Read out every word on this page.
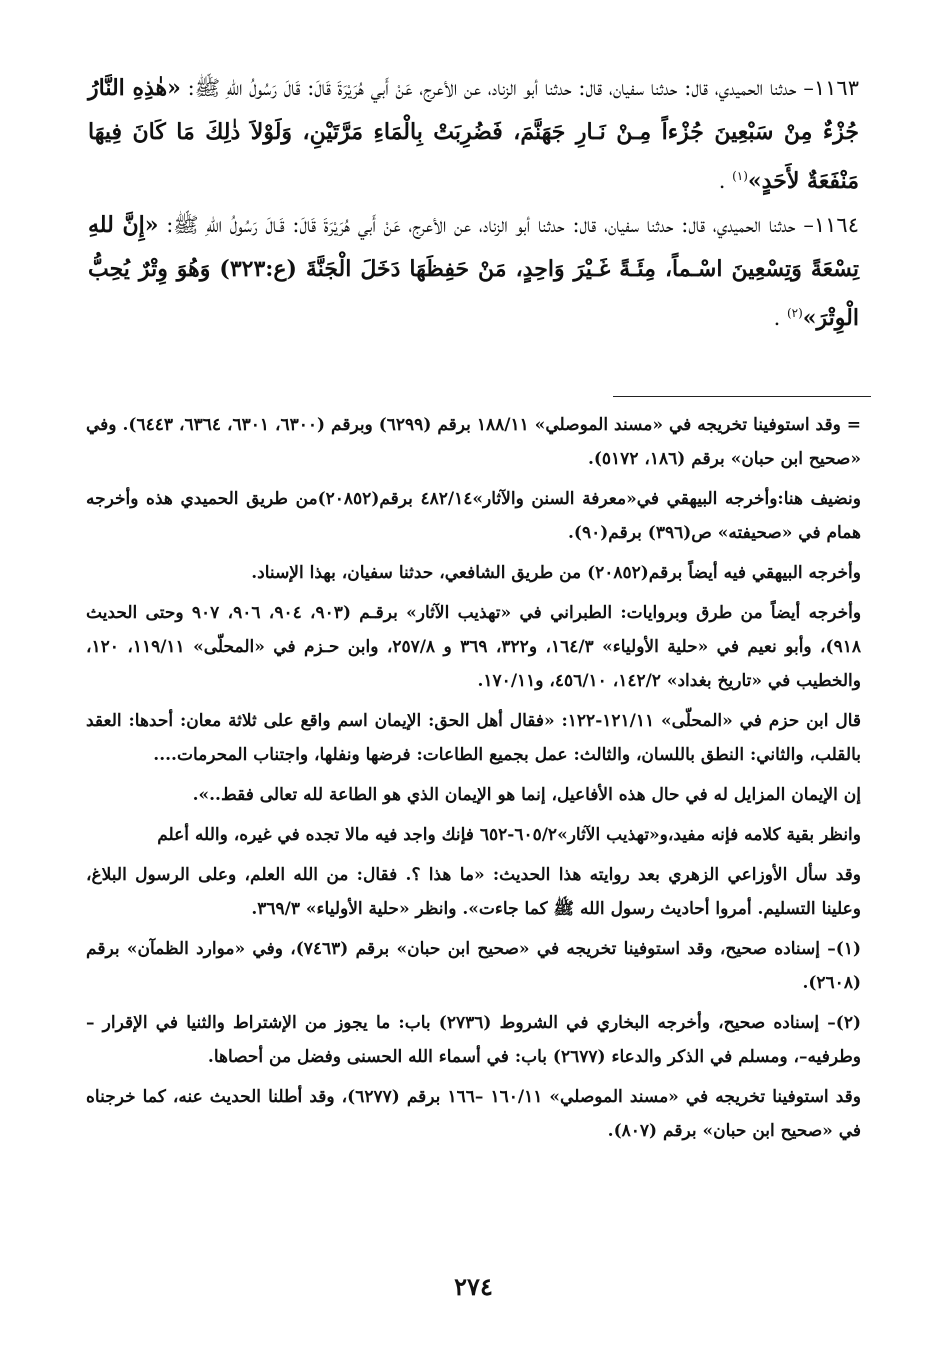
١١٦٣– حدثنا الحميدي، قال: حدثنا سفيان، قال: حدثنا أبو الزناد، عن الأعرج، عَنْ أَبي هُرَيْرَةَ قَالَ: قَالَ رَسُولُ اللهِ ﷺ: «هٰذِهِ النَّارُ جُزْءٌ مِنْ سَبْعِينَ جُزْءاً مِـنْ نَـارِ جَهَنَّمَ، فَضُرِبَتْ بِالْمَاءِ مَرَّتَيْنِ، وَلَوْلاَ ذٰلِكَ مَا كَانَ فِيهَا مَنْفَعَةٌ لأَحَدٍ»$^{(١)}$ .

١١٦٤– حدثنا الحميدي، قال: حدثنا سفيان، قال: حدثنا أبو الزناد، عن الأعرج، عَنْ أَبي هُرَيْرَةَ قَالَ: قَـالَ رَسُولُ اللهِ ﷺ: «إِنَّ للهِ تِسْعَةً وَتِسْعِينَ اسْـماً، مِئَـةً غَـيْرَ وَاحِدٍ، مَنْ حَفِظَهَا دَخَلَ الْجَنَّةَ (ع:٣٢٣) وَهُوَ وِتْرٌ يُحِبُّ الْوِتْرَ»$^{(٢)}$ .

= وقد استوفينا تخريجه في «مسند الموصلي» ١٨٨/١١ برقم (٦٢٩٩) وبرقم (٦٣٠٠، ٦٣٠١، ٦٣٦٤، ٦٤٤٣). وفي «صحيح ابن حبان» برقم (١٨٦، ٥١٧٢).

ونضيف هنا:وأخرجه البيهقي في«معرفة السنن والآثار»٤٨٢/١٤ برقم(٢٠٨٥٢)من طريق الحميدي هذه وأخرجه همام في «صحيفته» ص(٣٩٦) برقم(٩٠).

وأخرجه البيهقي فيه أيضاً برقم(٢٠٨٥٢) من طريق الشافعي، حدثنا سفيان، بهذا الإسناد.

وأخرجه أيضاً من طرق وبروايات: الطبراني في «تهذيب الآثار» برقـم (٩٠٣، ٩٠٤، ٩٠٦، ٩٠٧ وحتى الحديث ٩١٨)، وأبو نعيم في «حلية الأولياء» ١٦٤/٣، و٣٢٢، ٣٦٩ و ٢٥٧/٨، وابن حـزم في «المحلّى» ١١٩/١١، ١٢٠، والخطيب في «تاريخ بغداد» ١٤٢/٢، ٤٥٦/١٠، و١٧٠/١١.

قال ابن حزم في «المحلّى» ١٢١/١١-١٢٢: «فقال أهل الحق: الإيمان اسم واقع على ثلاثة معان: أحدها: العقد بالقلب، والثاني: النطق باللسان، والثالث: عمل بجميع الطاعات: فرضها ونفلها، واجتناب المحرمات....

إن الإيمان المزايل له في حال هذه الأفاعيل، إنما هو الإيمان الذي هو الطاعة لله تعالى فقط..».

وانظر بقية كلامه فإنه مفيد،و«تهذيب الآثار»٦٠٥/٢-٦٥٢ فإنك واجد فيه مالا تجده في غيره، والله أعلم

وقد سأل الأوزاعي الزهري بعد روايته هذا الحديث: «ما هذا ؟. فقال: من الله العلم، وعلى الرسول البلاغ، وعلينا التسليم. أمروا أحاديث رسول الله ﷺ كما جاءت». وانظر «حلية الأولياء» ٣٦٩/٣.

(١)– إسناده صحيح، وقد استوفينا تخريجه في «صحيح ابن حبان» برقم (٧٤٦٣)، وفي «موارد الظمآن» برقم (٢٦٠٨).

(٢)– إسناده صحيح، وأخرجه البخاري في الشروط (٢٧٣٦) باب: ما يجوز من الإشتراط والثنيا في الإقرار –وطرفيه–، ومسلم في الذكر والدعاء (٢٦٧٧) باب: في أسماء الله الحسنى وفضل من أحصاها.

وقد استوفينا تخريجه في «مسند الموصلي» ١٦٠/١١ –١٦٦ برقم (٦٢٧٧)، وقد أطلنا الحديث عنه، كما خرجناه في «صحيح ابن حبان» برقم (٨٠٧).

٢٧٤
